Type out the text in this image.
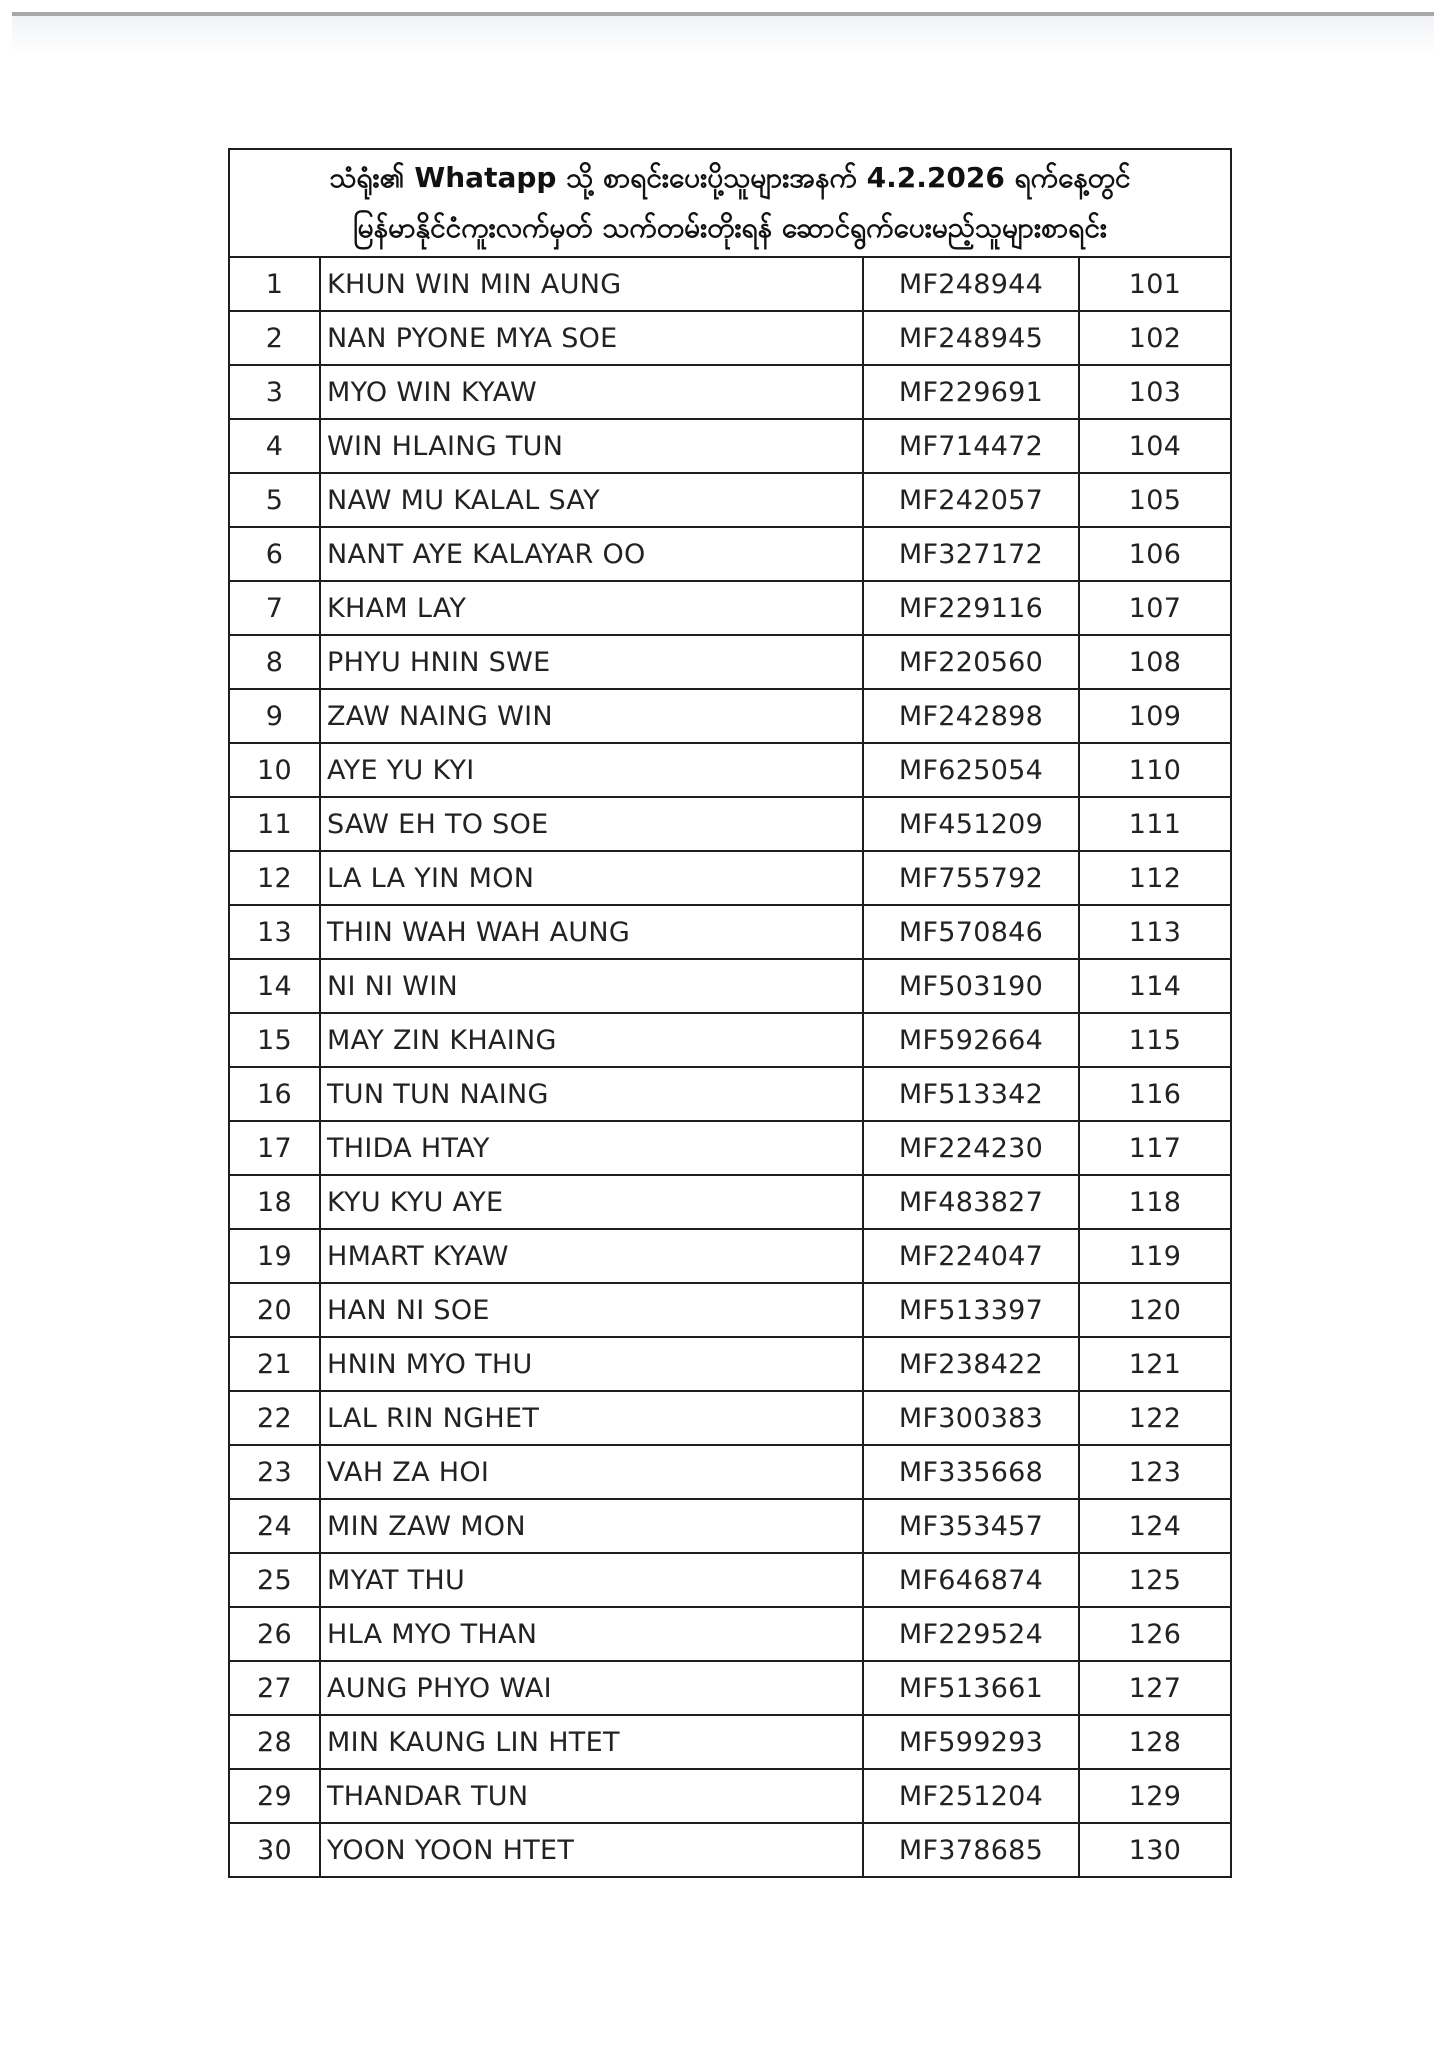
သံရုံး၏ Whatapp သို့ စာရင်းပေးပို့သူများအနက် 4.2.2026 ရက်နေ့တွင်
မြန်မာနိုင်ငံကူးလက်မှတ် သက်တမ်းတိုးရန် ဆောင်ရွက်ပေးမည့်သူများစာရင်း
1	KHUN WIN MIN AUNG	MF248944	101
2	NAN PYONE MYA SOE	MF248945	102
3	MYO WIN KYAW	MF229691	103
4	WIN HLAING TUN	MF714472	104
5	NAW MU KALAL SAY	MF242057	105
6	NANT AYE KALAYAR OO	MF327172	106
7	KHAM LAY	MF229116	107
8	PHYU HNIN SWE	MF220560	108
9	ZAW NAING WIN	MF242898	109
10	AYE YU KYI	MF625054	110
11	SAW EH TO SOE	MF451209	111
12	LA LA YIN MON	MF755792	112
13	THIN WAH WAH AUNG	MF570846	113
14	NI NI WIN	MF503190	114
15	MAY ZIN KHAING	MF592664	115
16	TUN TUN NAING	MF513342	116
17	THIDA HTAY	MF224230	117
18	KYU KYU AYE	MF483827	118
19	HMART KYAW	MF224047	119
20	HAN NI SOE	MF513397	120
21	HNIN MYO THU	MF238422	121
22	LAL RIN NGHET	MF300383	122
23	VAH ZA HOI	MF335668	123
24	MIN ZAW MON	MF353457	124
25	MYAT THU	MF646874	125
26	HLA MYO THAN	MF229524	126
27	AUNG PHYO WAI	MF513661	127
28	MIN KAUNG LIN HTET	MF599293	128
29	THANDAR TUN	MF251204	129
30	YOON YOON HTET	MF378685	130
